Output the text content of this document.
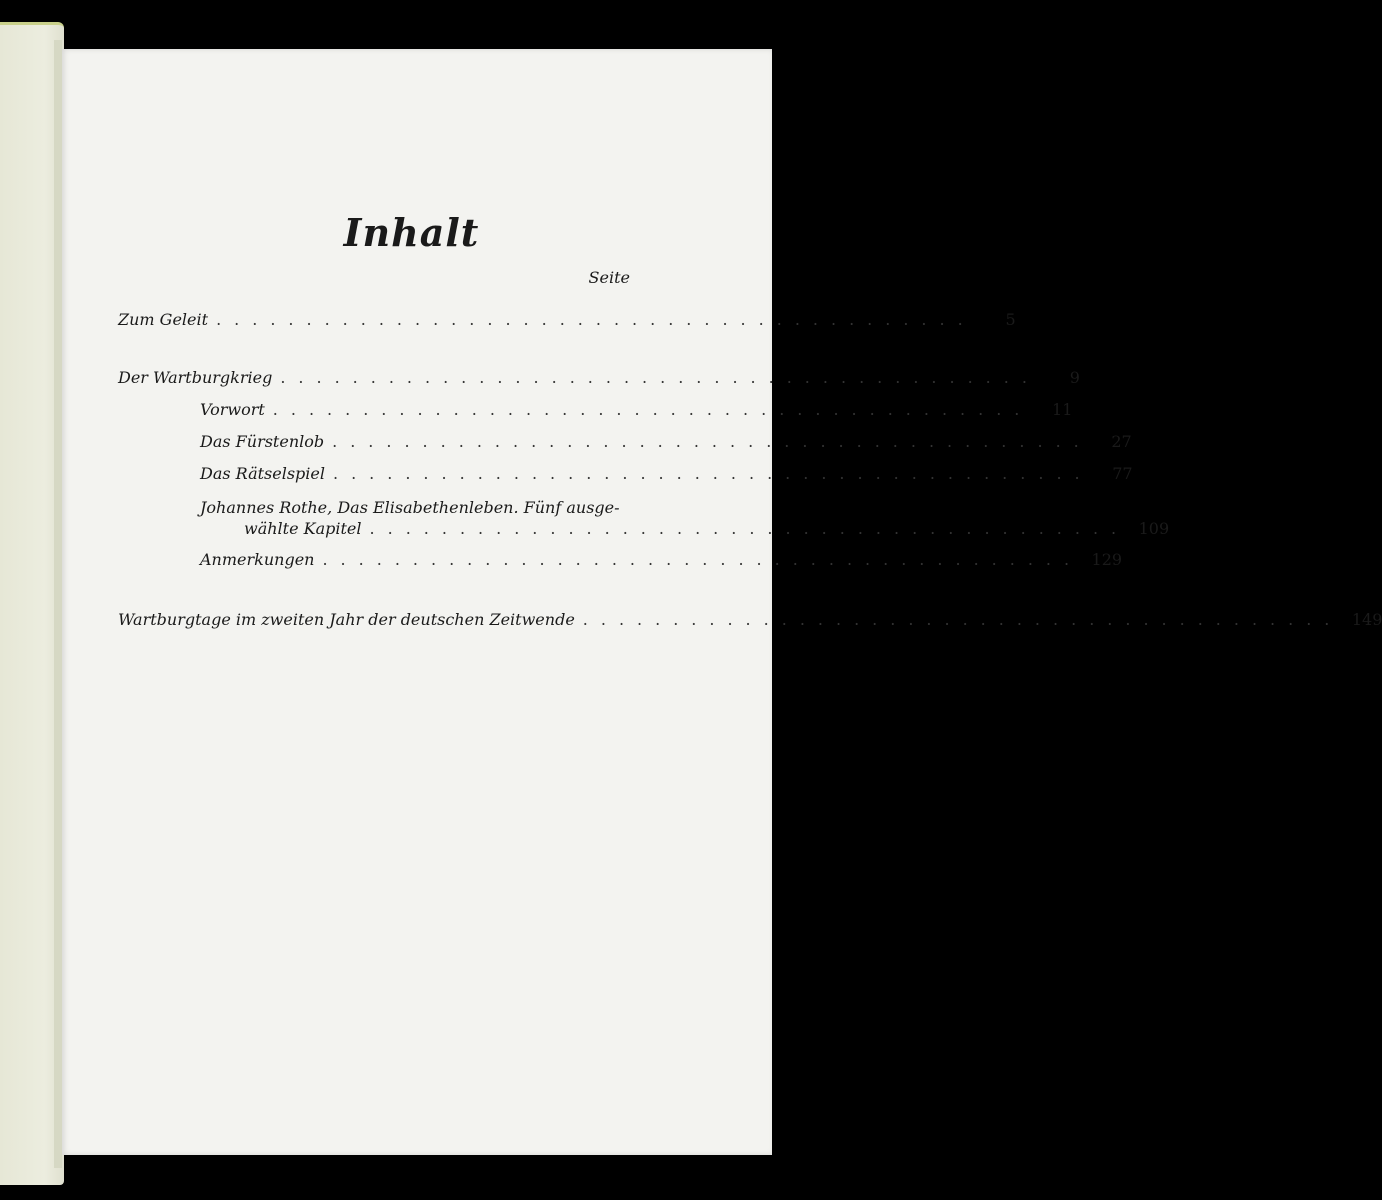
Inhalt
Seite
Zum Geleit ..........................................	5
Der Wartburgkrieg ..........................................	9
Vorwort ..........................................	11
Das Fürstenlob ..........................................	27
Das Rätselspiel ..........................................	77
Johannes Rothe, Das Elisabethenleben. Fünf ausge-
wählte Kapitel .......................................... 109
Anmerkungen .......................................... 129
Wartburgtage im zweiten Jahr der deutschen Zeitwende .......................................... 149
